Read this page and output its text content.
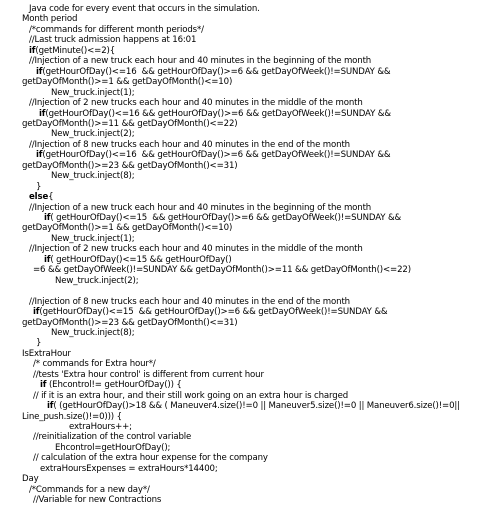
Java code for every event that occurs in the simulation.
Month period
/*commands for different month periods*/
//Last truck admission happens at 16:01
if(getMinute()<=2){
//Injection of a new truck each hour and 40 minutes in the beginning of the month
if(getHourOfDay()<=16  && getHourOfDay()>=6 && getDayOfWeek()!=SUNDAY &&
getDayOfMonth()>=1 && getDayOfMonth()<=10)
New_truck.inject(1);
//Injection of 2 new trucks each hour and 40 minutes in the middle of the month
if(getHourOfDay()<=16 && getHourOfDay()>=6 && getDayOfWeek()!=SUNDAY &&
getDayOfMonth()>=11 && getDayOfMonth()<=22)
New_truck.inject(2);
//Injection of 8 new trucks each hour and 40 minutes in the end of the month
if(getHourOfDay()<=16  && getHourOfDay()>=6 && getDayOfWeek()!=SUNDAY &&
getDayOfMonth()>=23 && getDayOfMonth()<=31)
New_truck.inject(8);
}
else{
//Injection of a new truck each hour and 40 minutes in the beginning of the month
if( getHourOfDay()<=15  && getHourOfDay()>=6 && getDayOfWeek()!=SUNDAY &&
getDayOfMonth()>=1 && getDayOfMonth()<=10)
New_truck.inject(1);
//Injection of 2 new trucks each hour and 40 minutes in the middle of the month
if( getHourOfDay()<=15 && getHourOfDay()
=6 && getDayOfWeek()!=SUNDAY && getDayOfMonth()>=11 && getDayOfMonth()<=22)
New_truck.inject(2);
//Injection of 8 new trucks each hour and 40 minutes in the end of the month
if(getHourOfDay()<=15  && getHourOfDay()>=6 && getDayOfWeek()!=SUNDAY &&
getDayOfMonth()>=23 && getDayOfMonth()<=31)
New_truck.inject(8);
}
IsExtraHour
/* commands for Extra hour*/
//tests 'Extra hour control' is different from current hour
if (Ehcontrol!= getHourOfDay()) {
// if it is an extra hour, and their still work going on an extra hour is charged
if( (getHourOfDay()>18 && ( Maneuver4.size()!=0 || Maneuver5.size()!=0 || Maneuver6.size()!=0||
Line_push.size()!=0))) {
extraHours++;
//reinitialization of the control variable
Ehcontrol=getHourOfDay();
// calculation of the extra hour expense for the company
extraHoursExpenses = extraHours*14400;
Day
/*Commands for a new day*/
//Variable for new Contractions
